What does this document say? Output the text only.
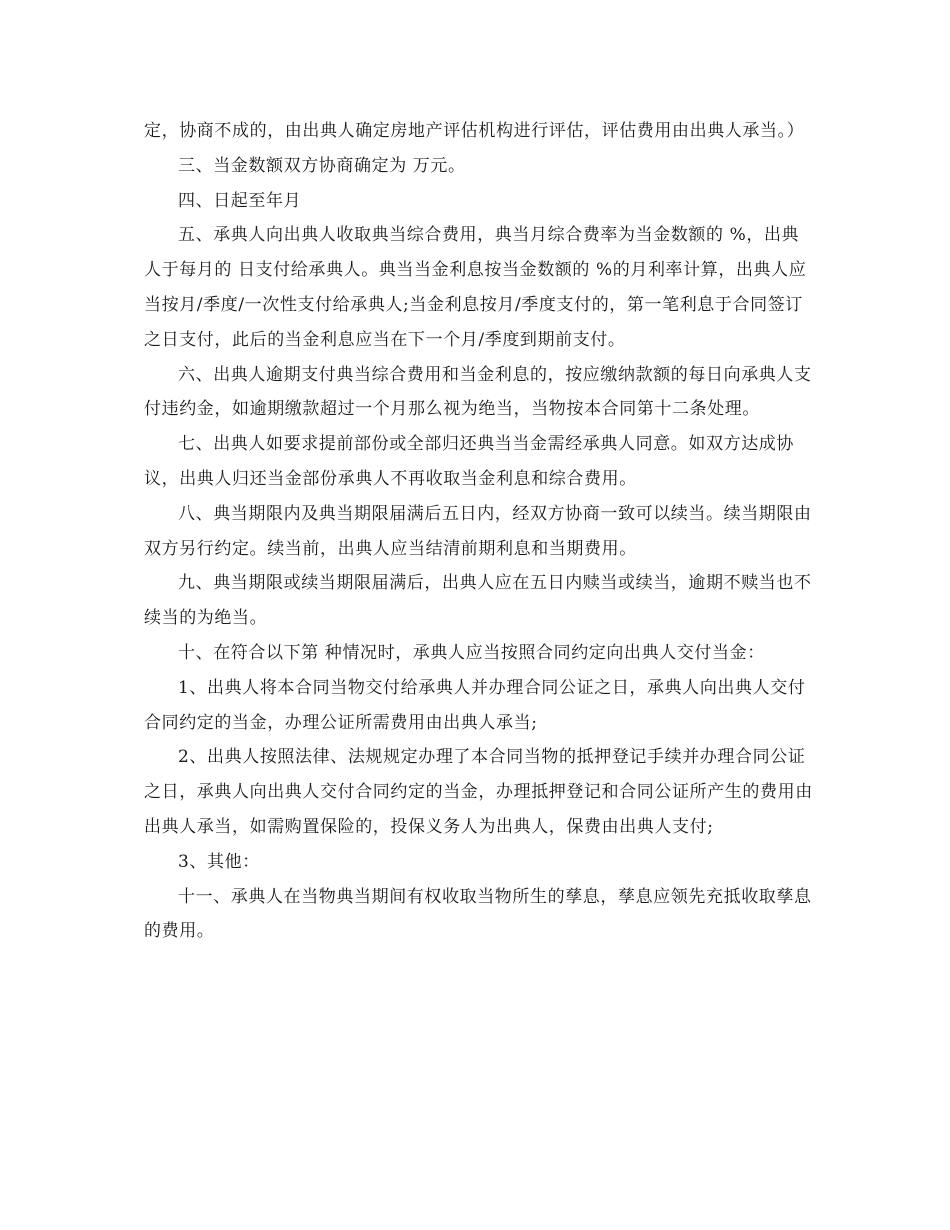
定，协商不成的，由出典人确定房地产评估机构进行评估，评估费用由出典人承当。）

三、当金数额双方协商确定为 万元。

四、日起至年月

五、承典人向出典人收取典当综合费用，典当月综合费率为当金数额的 %，出典人于每月的 日支付给承典人。典当当金利息按当金数额的 %的月利率计算，出典人应当按月/季度/一次性支付给承典人;当金利息按月/季度支付的，第一笔利息于合同签订之日支付，此后的当金利息应当在下一个月/季度到期前支付。

六、出典人逾期支付典当综合费用和当金利息的，按应缴纳款额的每日向承典人支付违约金，如逾期缴款超过一个月那么视为绝当，当物按本合同第十二条处理。

七、出典人如要求提前部份或全部归还典当当金需经承典人同意。如双方达成协议，出典人归还当金部份承典人不再收取当金利息和综合费用。

八、典当期限内及典当期限届满后五日内，经双方协商一致可以续当。续当期限由双方另行约定。续当前，出典人应当结清前期利息和当期费用。

九、典当期限或续当期限届满后，出典人应在五日内赎当或续当，逾期不赎当也不续当的为绝当。

十、在符合以下第 种情况时，承典人应当按照合同约定向出典人交付当金：

1、出典人将本合同当物交付给承典人并办理合同公证之日，承典人向出典人交付合同约定的当金，办理公证所需费用由出典人承当;

2、出典人按照法律、法规规定办理了本合同当物的抵押登记手续并办理合同公证之日，承典人向出典人交付合同约定的当金，办理抵押登记和合同公证所产生的费用由出典人承当，如需购置保险的，投保义务人为出典人，保费由出典人支付;

3、其他：

十一、承典人在当物典当期间有权收取当物所生的孳息，孳息应领先充抵收取孳息的费用。
